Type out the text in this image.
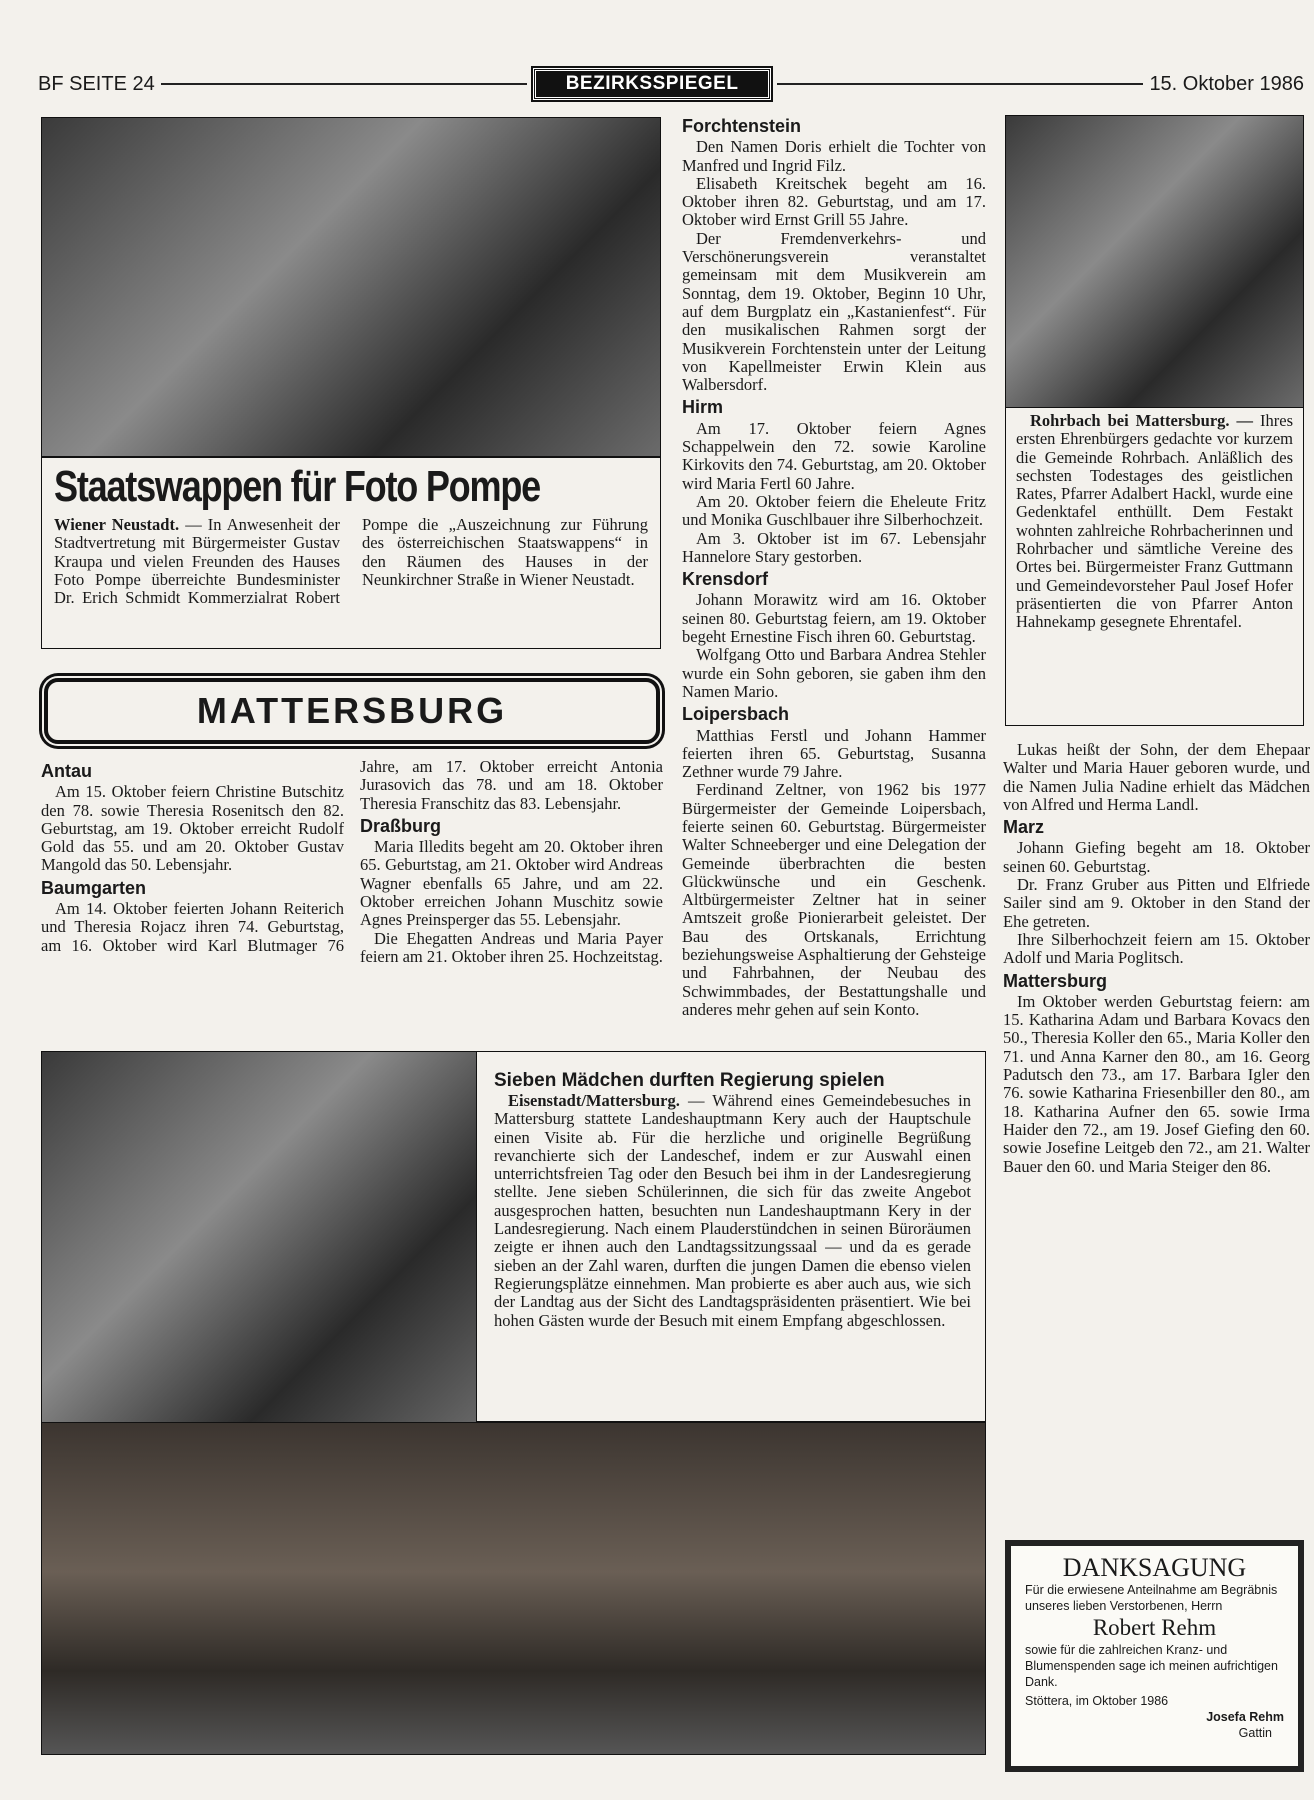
BF SEITE 24	BEZIRKSSPIEGEL	15. Oktober 1986
Staatswappen für Foto Pompe

Wiener Neustadt. — In Anwesenheit der Stadtvertretung mit Bürgermeister Gustav Kraupa und vielen Freunden des Hauses Foto Pompe überreichte Bundesminister Dr. Erich Schmidt Kommerzialrat Robert Pompe die „Auszeichnung zur Führung des österreichischen Staatswappens“ in den Räumen des Hauses in der Neunkirchner Straße in Wiener Neustadt.

MATTERSBURG
Antau

Am 15. Oktober feiern Christine Butschitz den 78. sowie Theresia Rosenitsch den 82. Geburtstag, am 19. Oktober erreicht Rudolf Gold das 55. und am 20. Oktober Gustav Mangold das 50. Lebensjahr.

Baumgarten

Am 14. Oktober feierten Johann Reiterich und Theresia Rojacz ihren 74. Geburtstag, am 16. Oktober wird Karl Blutmager 76 Jahre, am 17. Oktober erreicht Antonia Jurasovich das 78. und am 18. Oktober Theresia Franschitz das 83. Lebensjahr.

Draßburg

Maria Illedits begeht am 20. Oktober ihren 65. Geburtstag, am 21. Oktober wird Andreas Wagner ebenfalls 65 Jahre, und am 22. Oktober erreichen Johann Muschitz sowie Agnes Preinsperger das 55. Lebensjahr.

Die Ehegatten Andreas und Maria Payer feiern am 21. Oktober ihren 25. Hochzeitstag.

Forchtenstein

Den Namen Doris erhielt die Tochter von Manfred und Ingrid Filz.

Elisabeth Kreitschek begeht am 16. Oktober ihren 82. Geburtstag, und am 17. Oktober wird Ernst Grill 55 Jahre.

Der Fremdenverkehrs- und Verschönerungsverein veranstaltet gemeinsam mit dem Musikverein am Sonntag, dem 19. Oktober, Beginn 10 Uhr, auf dem Burgplatz ein „Kastanienfest“. Für den musikalischen Rahmen sorgt der Musikverein Forchtenstein unter der Leitung von Kapellmeister Erwin Klein aus Walbersdorf.

Hirm

Am 17. Oktober feiern Agnes Schappelwein den 72. sowie Karoline Kirkovits den 74. Geburtstag, am 20. Oktober wird Maria Fertl 60 Jahre.

Am 20. Oktober feiern die Eheleute Fritz und Monika Guschlbauer ihre Silberhochzeit.

Am 3. Oktober ist im 67. Lebensjahr Hannelore Stary gestorben.

Krensdorf

Johann Morawitz wird am 16. Oktober seinen 80. Geburtstag feiern, am 19. Oktober begeht Ernestine Fisch ihren 60. Geburtstag.

Wolfgang Otto und Barbara Andrea Stehler wurde ein Sohn geboren, sie gaben ihm den Namen Mario.

Loipersbach

Matthias Ferstl und Johann Hammer feierten ihren 65. Geburtstag, Susanna Zethner wurde 79 Jahre.

Ferdinand Zeltner, von 1962 bis 1977 Bürgermeister der Gemeinde Loipersbach, feierte seinen 60. Geburtstag. Bürgermeister Walter Schneeberger und eine Delegation der Gemeinde überbrachten die besten Glückwünsche und ein Geschenk. Altbürgermeister Zeltner hat in seiner Amtszeit große Pionierarbeit geleistet. Der Bau des Ortskanals, Errichtung beziehungsweise Asphaltierung der Gehsteige und Fahrbahnen, der Neubau des Schwimmbades, der Bestattungshalle und anderes mehr gehen auf sein Konto.

Rohrbach bei Mattersburg. — Ihres ersten Ehrenbürgers gedachte vor kurzem die Gemeinde Rohrbach. Anläßlich des sechsten Todestages des geistlichen Rates, Pfarrer Adalbert Hackl, wurde eine Gedenktafel enthüllt. Dem Festakt wohnten zahlreiche Rohrbacherinnen und Rohrbacher und sämtliche Vereine des Ortes bei. Bürgermeister Franz Guttmann und Gemeindevorsteher Paul Josef Hofer präsentierten die von Pfarrer Anton Hahnekamp gesegnete Ehrentafel.

Lukas heißt der Sohn, der dem Ehepaar Walter und Maria Hauer geboren wurde, und die Namen Julia Nadine erhielt das Mädchen von Alfred und Herma Landl.

Marz

Johann Giefing begeht am 18. Oktober seinen 60. Geburtstag.

Dr. Franz Gruber aus Pitten und Elfriede Sailer sind am 9. Oktober in den Stand der Ehe getreten.

Ihre Silberhochzeit feiern am 15. Oktober Adolf und Maria Poglitsch.

Mattersburg

Im Oktober werden Geburtstag feiern: am 15. Katharina Adam und Barbara Kovacs den 50., Theresia Koller den 65., Maria Koller den 71. und Anna Karner den 80., am 16. Georg Padutsch den 73., am 17. Barbara Igler den 76. sowie Katharina Friesenbiller den 80., am 18. Katharina Aufner den 65. sowie Irma Haider den 72., am 19. Josef Giefing den 60. sowie Josefine Leitgeb den 72., am 21. Walter Bauer den 60. und Maria Steiger den 86.

Sieben Mädchen durften Regierung spielen

Eisenstadt/Mattersburg. — Während eines Gemeindebesuches in Mattersburg stattete Landeshauptmann Kery auch der Hauptschule einen Visite ab. Für die herzliche und originelle Begrüßung revanchierte sich der Landeschef, indem er zur Auswahl einen unterrichtsfreien Tag oder den Besuch bei ihm in der Landesregierung stellte. Jene sieben Schülerinnen, die sich für das zweite Angebot ausgesprochen hatten, besuchten nun Landeshauptmann Kery in der Landesregierung. Nach einem Plauderstündchen in seinen Büroräumen zeigte er ihnen auch den Landtagssitzungssaal — und da es gerade sieben an der Zahl waren, durften die jungen Damen die ebenso vielen Regierungsplätze einnehmen. Man probierte es aber auch aus, wie sich der Landtag aus der Sicht des Landtagspräsidenten präsentiert. Wie bei hohen Gästen wurde der Besuch mit einem Empfang abgeschlossen.

DANKSAGUNG
Für die erwiesene Anteilnahme am Begräbnis unseres lieben Verstorbenen, Herrn
Robert Rehm
sowie für die zahlreichen Kranz- und Blumenspenden sage ich meinen aufrichtigen Dank.
Stöttera, im Oktober 1986
Josefa Rehm
Gattin
